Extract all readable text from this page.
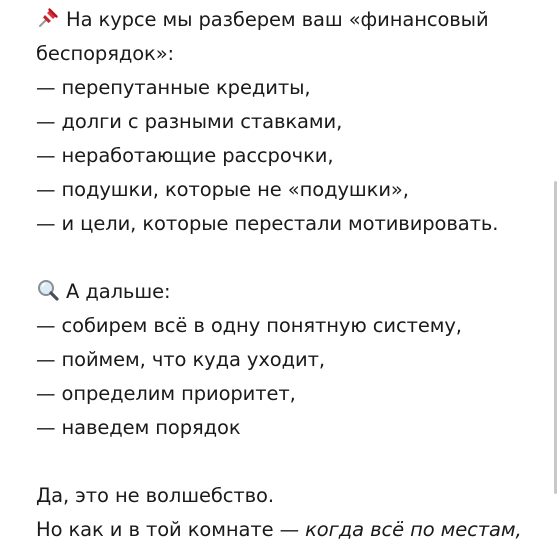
На курсе мы разберем ваш «финансовый
беспорядок»:
— перепутанные кредиты,
— долги с разными ставками,
— неработающие рассрочки,
— подушки, которые не «подушки»,
— и цели, которые перестали мотивировать.
А дальше:
— собирем всё в одну понятную систему,
— поймем, что куда уходит,
— определим приоритет,
— наведем порядок
Да, это не волшебство.
Но как и в той комнате — когда всё по местам,
